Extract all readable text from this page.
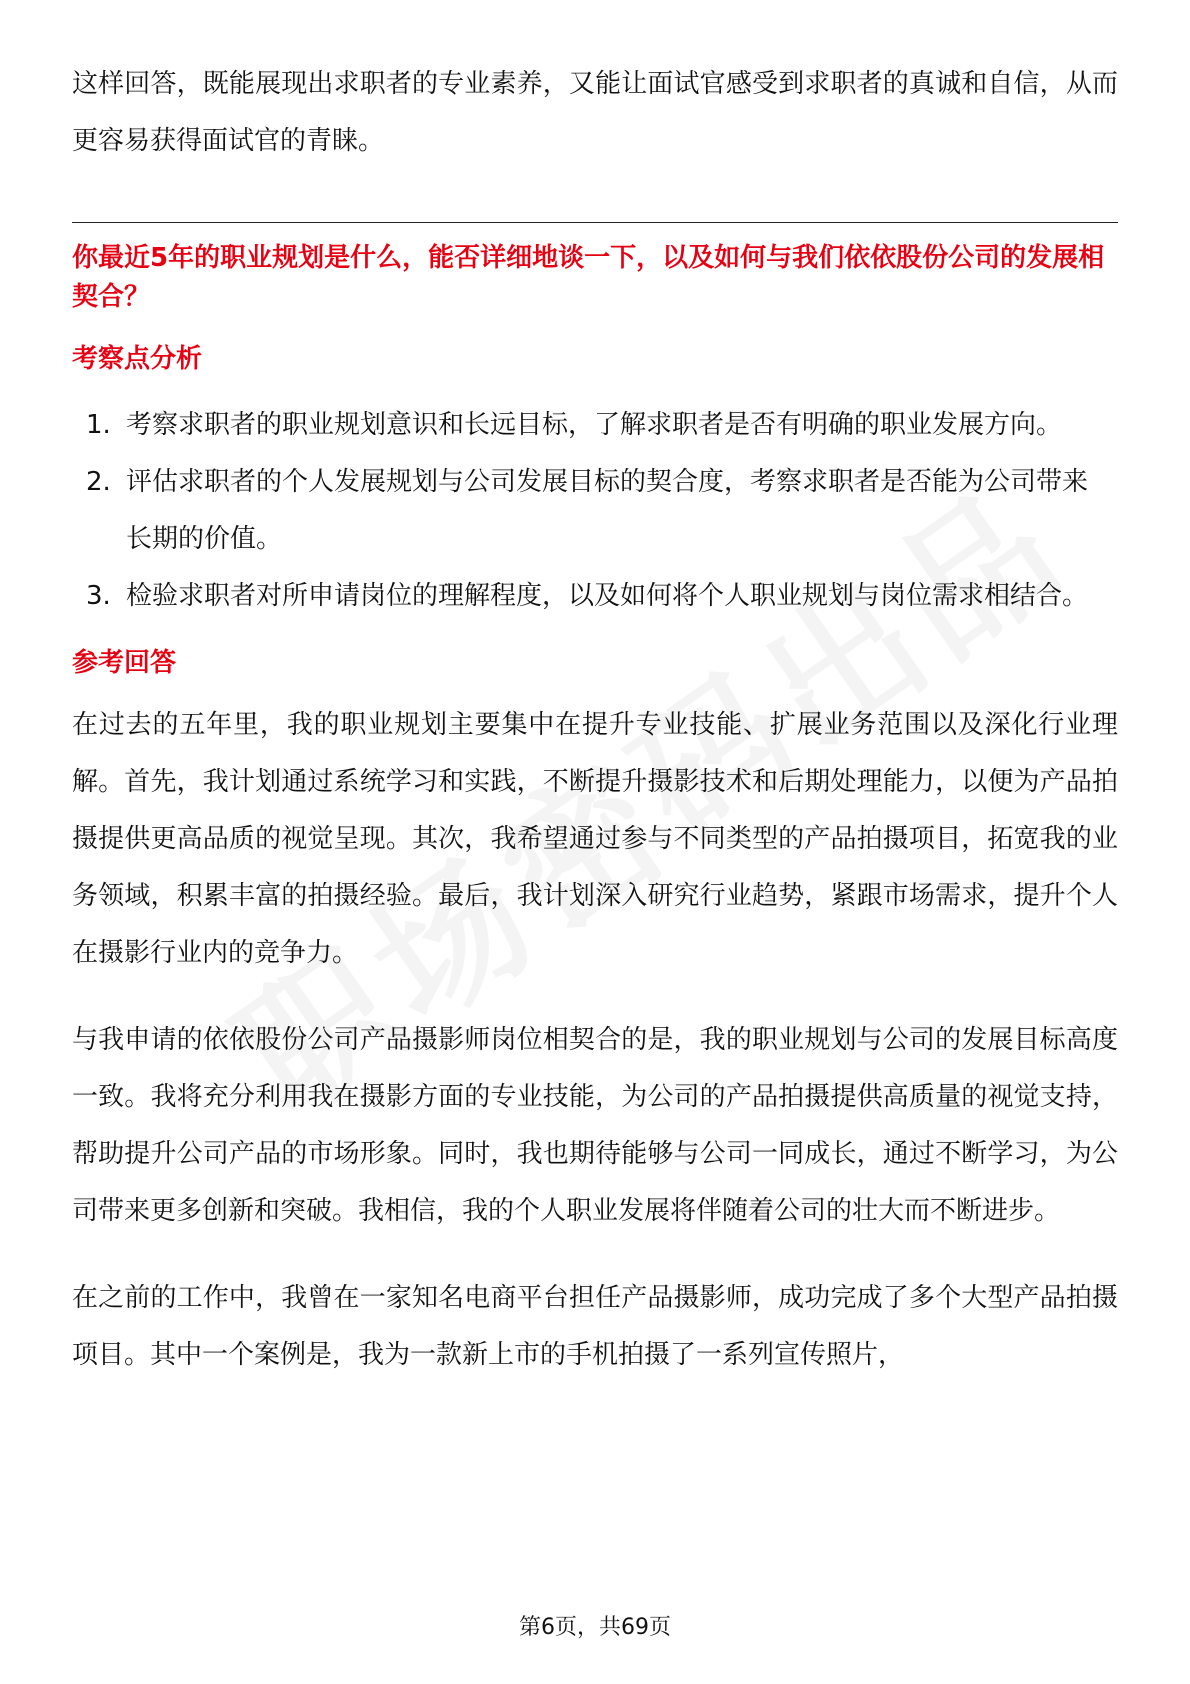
这样回答，既能展现出求职者的专业素养，又能让面试官感受到求职者的真诚和自信，从而更容易获得面试官的青睐。

你最近5年的职业规划是什么，能否详细地谈一下，以及如何与我们依依股份公司的发展相契合？

考察点分析
1. 考察求职者的职业规划意识和长远目标，了解求职者是否有明确的职业发展方向。
2. 评估求职者的个人发展规划与公司发展目标的契合度，考察求职者是否能为公司带来长期的价值。
3. 检验求职者对所申请岗位的理解程度，以及如何将个人职业规划与岗位需求相结合。
参考回答

在过去的五年里，我的职业规划主要集中在提升专业技能、扩展业务范围以及深化行业理解。首先，我计划通过系统学习和实践，不断提升摄影技术和后期处理能力，以便为产品拍摄提供更高品质的视觉呈现。其次，我希望通过参与不同类型的产品拍摄项目，拓宽我的业务领域，积累丰富的拍摄经验。最后，我计划深入研究行业趋势，紧跟市场需求，提升个人在摄影行业内的竞争力。

与我申请的依依股份公司产品摄影师岗位相契合的是，我的职业规划与公司的发展目标高度一致。我将充分利用我在摄影方面的专业技能，为公司的产品拍摄提供高质量的视觉支持，帮助提升公司产品的市场形象。同时，我也期待能够与公司一同成长，通过不断学习，为公司带来更多创新和突破。我相信，我的个人职业发展将伴随着公司的壮大而不断进步。

在之前的工作中，我曾在一家知名电商平台担任产品摄影师，成功完成了多个大型产品拍摄项目。其中一个案例是，我为一款新上市的手机拍摄了一系列宣传照片，

第6页，共69页
